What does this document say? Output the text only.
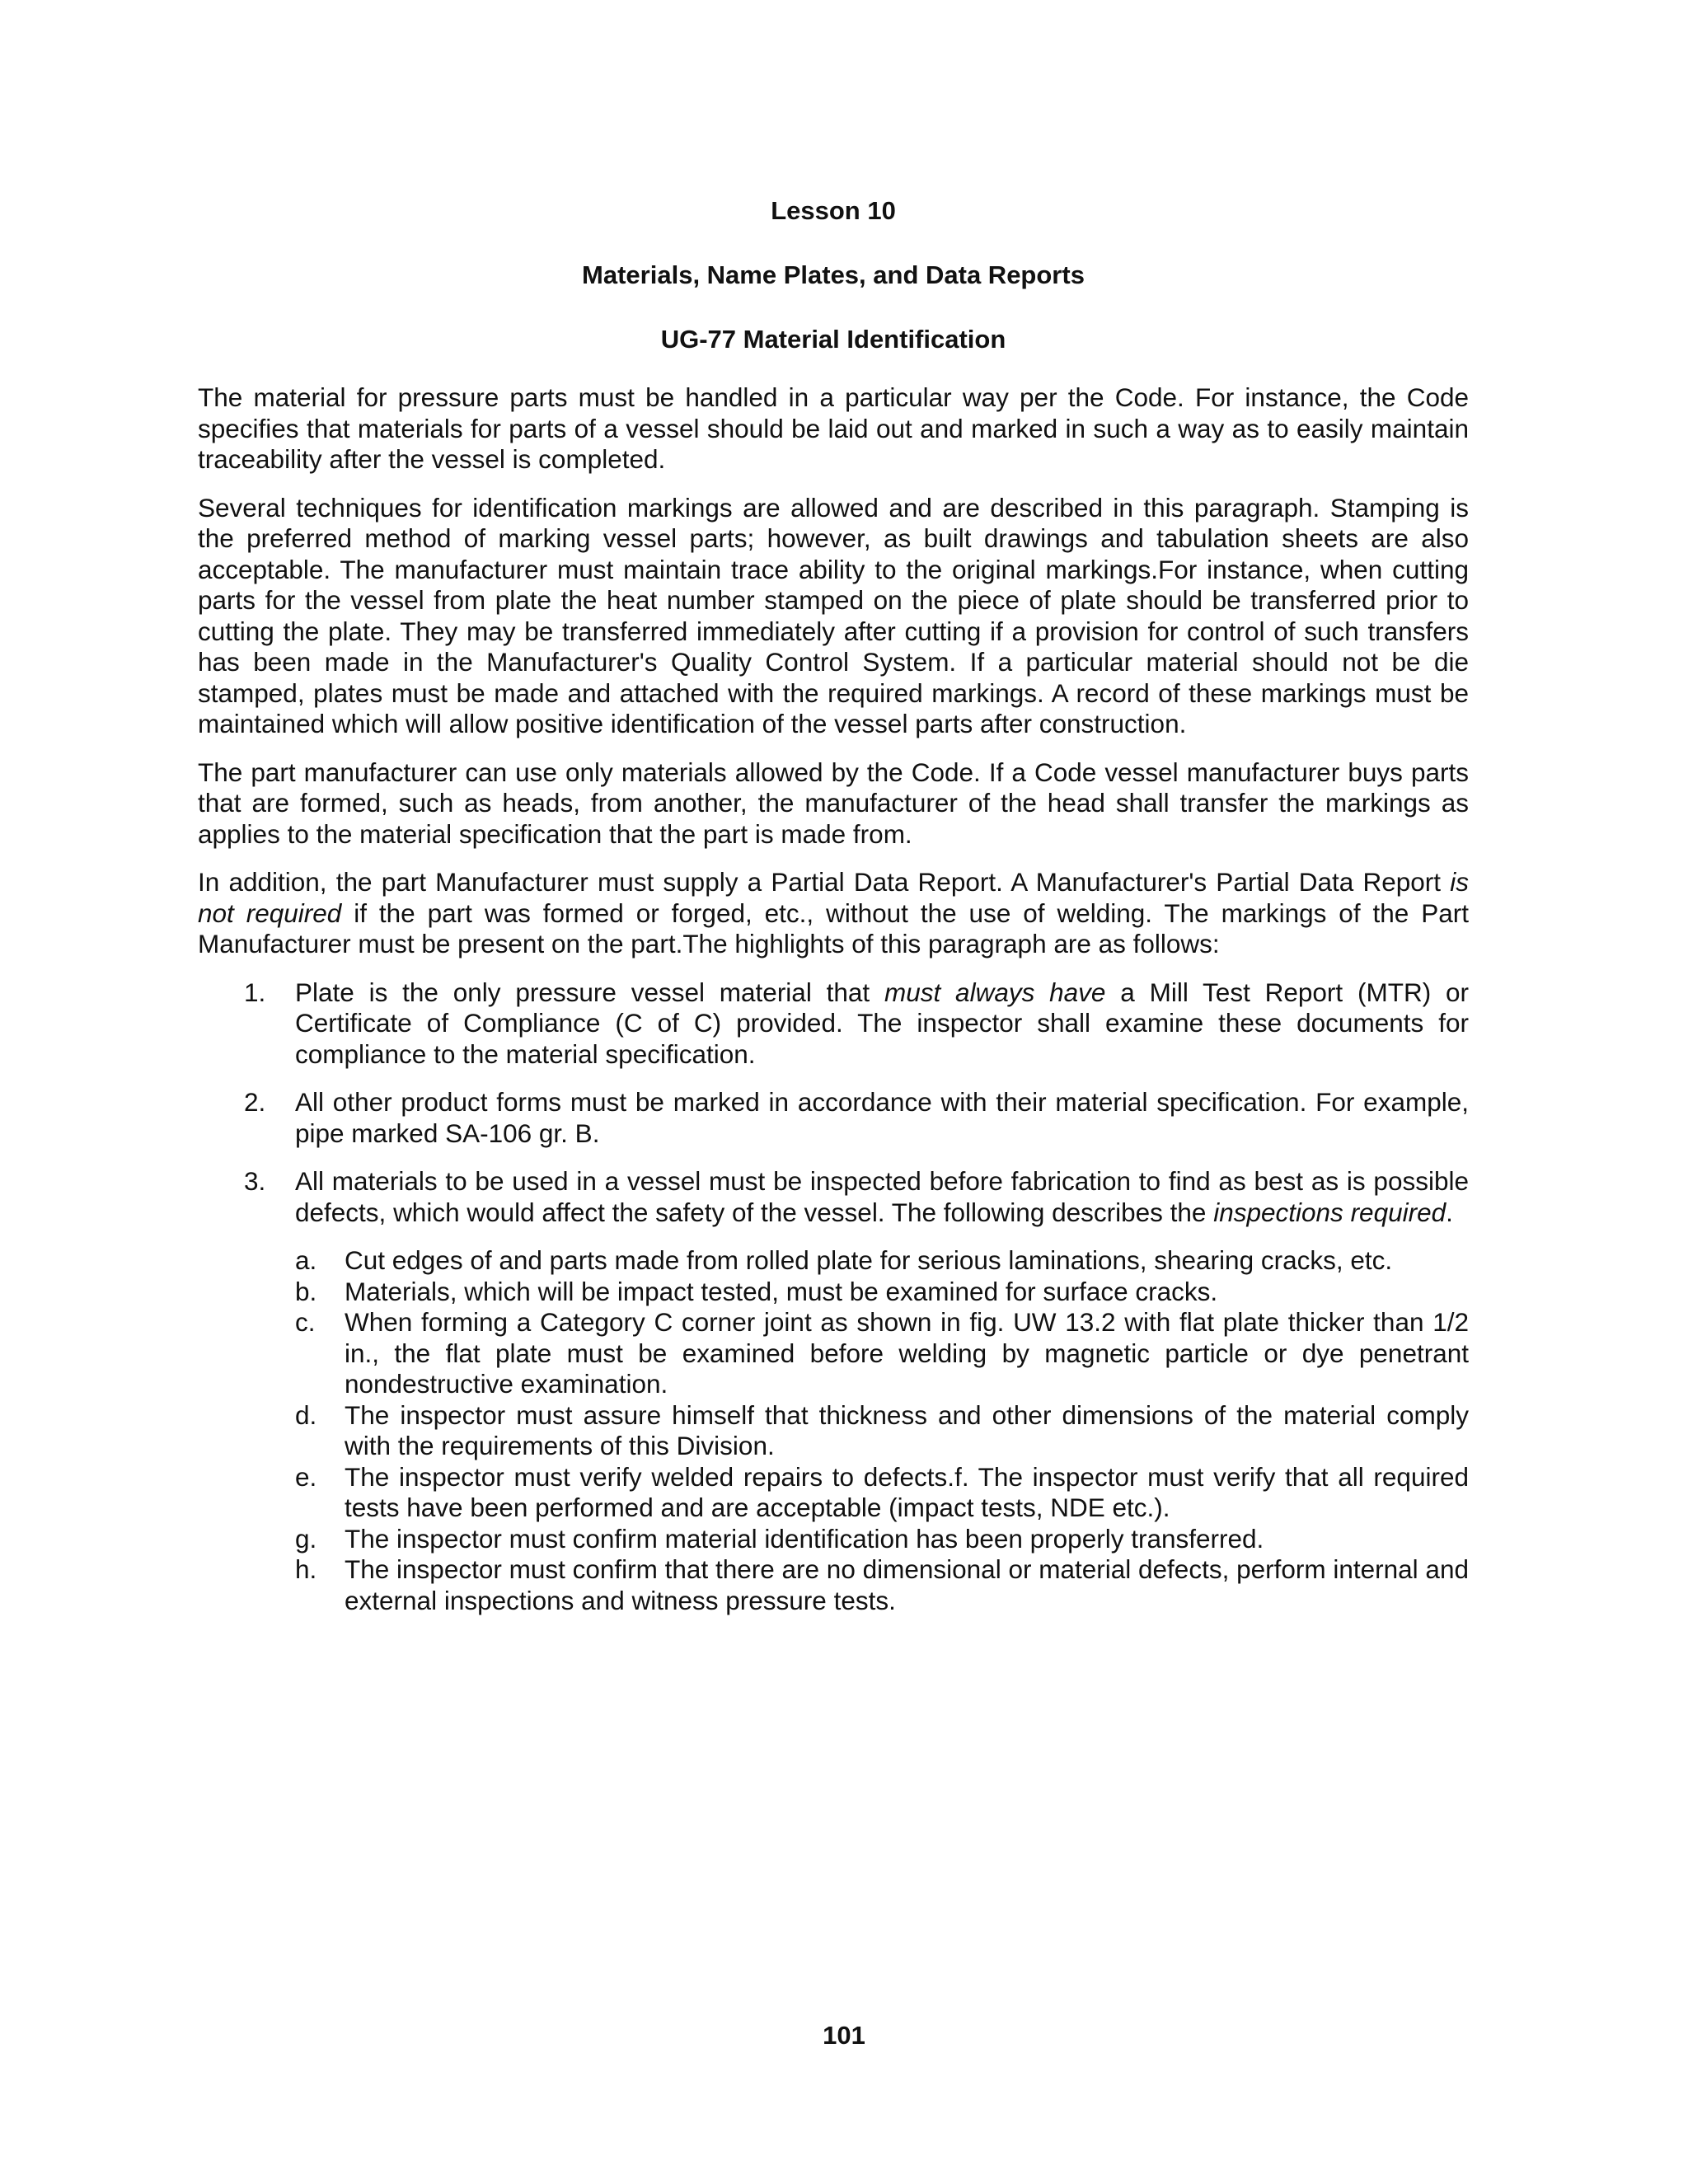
Lesson 10
Materials, Name Plates, and Data Reports
UG-77 Material Identification

The material for pressure parts must be handled in a particular way per the Code. For instance, the Code specifies that materials for parts of a vessel should be laid out and marked in such a way as to easily maintain traceability after the vessel is completed.

Several techniques for identification markings are allowed and are described in this paragraph. Stamping is the preferred method of marking vessel parts; however, as built drawings and tabulation sheets are also acceptable. The manufacturer must maintain trace ability to the original markings.For instance, when cutting parts for the vessel from plate the heat number stamped on the piece of plate should be transferred prior to cutting the plate. They may be transferred immediately after cutting if a provision for control of such transfers has been made in the Manufacturer's Quality Control System. If a particular material should not be die stamped, plates must be made and attached with the required markings. A record of these markings must be maintained which will allow positive identification of the vessel parts after construction.

The part manufacturer can use only materials allowed by the Code. If a Code vessel manufacturer buys parts that are formed, such as heads, from another, the manufacturer of the head shall transfer the markings as applies to the material specification that the part is made from.

In addition, the part Manufacturer must supply a Partial Data Report. A Manufacturer's Partial Data Report is not required if the part was formed or forged, etc., without the use of welding. The markings of the Part Manufacturer must be present on the part.The highlights of this paragraph are as follows:

1. Plate is the only pressure vessel material that must always have a Mill Test Report (MTR) or Certificate of Compliance (C of C) provided. The inspector shall examine these documents for compliance to the material specification.
2. All other product forms must be marked in accordance with their material specification. For example, pipe marked SA-106 gr. B.
3. All materials to be used in a vessel must be inspected before fabrication to find as best as is possible defects, which would affect the safety of the vessel. The following describes the inspections required.
a. Cut edges of and parts made from rolled plate for serious laminations, shearing cracks, etc.
b. Materials, which will be impact tested, must be examined for surface cracks.
c. When forming a Category C corner joint as shown in fig. UW 13.2 with flat plate thicker than 1/2 in., the flat plate must be examined before welding by magnetic particle or dye penetrant nondestructive examination.
d. The inspector must assure himself that thickness and other dimensions of the material comply with the requirements of this Division.
e. The inspector must verify welded repairs to defects.f. The inspector must verify that all required tests have been performed and are acceptable (impact tests, NDE etc.).
g. The inspector must confirm material identification has been properly transferred.
h. The inspector must confirm that there are no dimensional or material defects, perform internal and external inspections and witness pressure tests.
101
